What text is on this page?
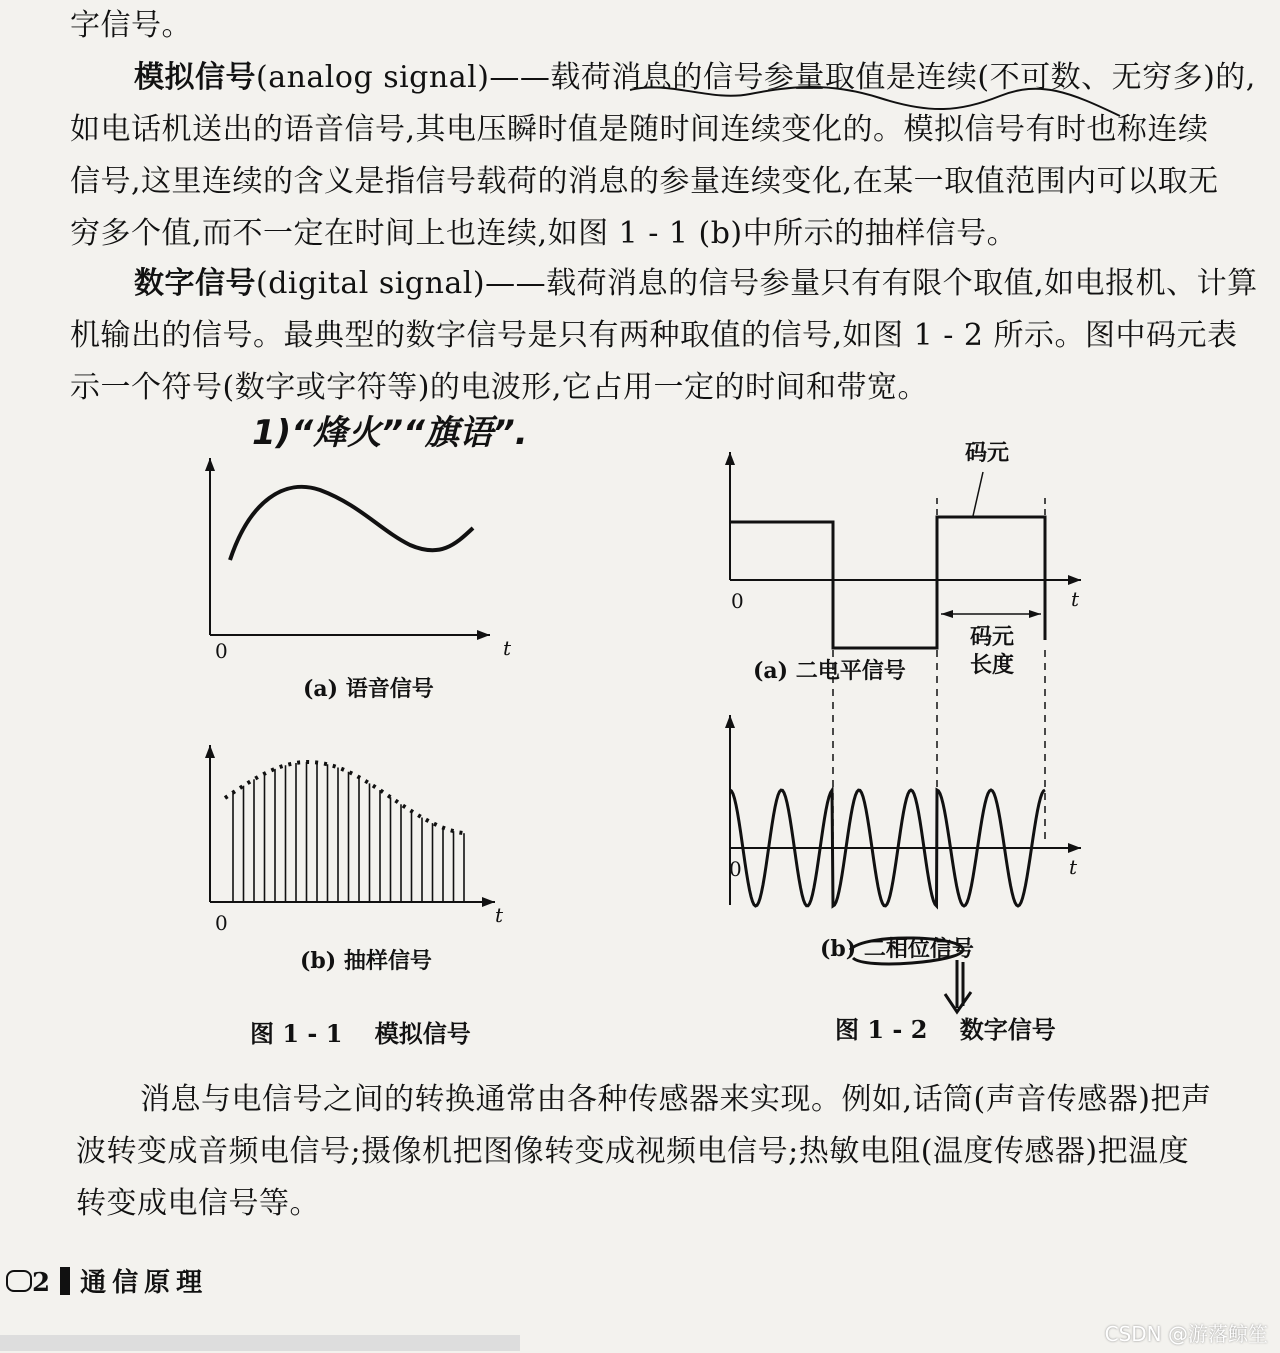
字信号。
模拟信号(analog signal)——载荷消息的信号参量取值是连续(不可数、无穷多)的,
如电话机送出的语音信号,其电压瞬时值是随时间连续变化的。模拟信号有时也称连续
信号,这里连续的含义是指信号载荷的消息的参量连续变化,在某一取值范围内可以取无
穷多个值,而不一定在时间上也连续,如图 1 - 1 (b)中所示的抽样信号。
数字信号(digital signal)——载荷消息的信号参量只有有限个取值,如电报机、计算
机输出的信号。最典型的数字信号是只有两种取值的信号,如图 1 - 2 所示。图中码元表
示一个符号(数字或字符等)的电波形,它占用一定的时间和带宽。
1)“烽火”“旗语”.
0	t
(a) 语音信号
0	t
(b) 抽样信号
码元
码元
长度
0	t
(a) 二电平信号
0	t
(b) 二相位信号
图 1 - 1　 模拟信号	图 1 - 2　 数字信号
消息与电信号之间的转换通常由各种传感器来实现。例如,话筒(声音传感器)把声
波转变成音频电信号;摄像机把图像转变成视频电信号;热敏电阻(温度传感器)把温度
转变成电信号等。
2 通信原理
CSDN @游落鲸笙
